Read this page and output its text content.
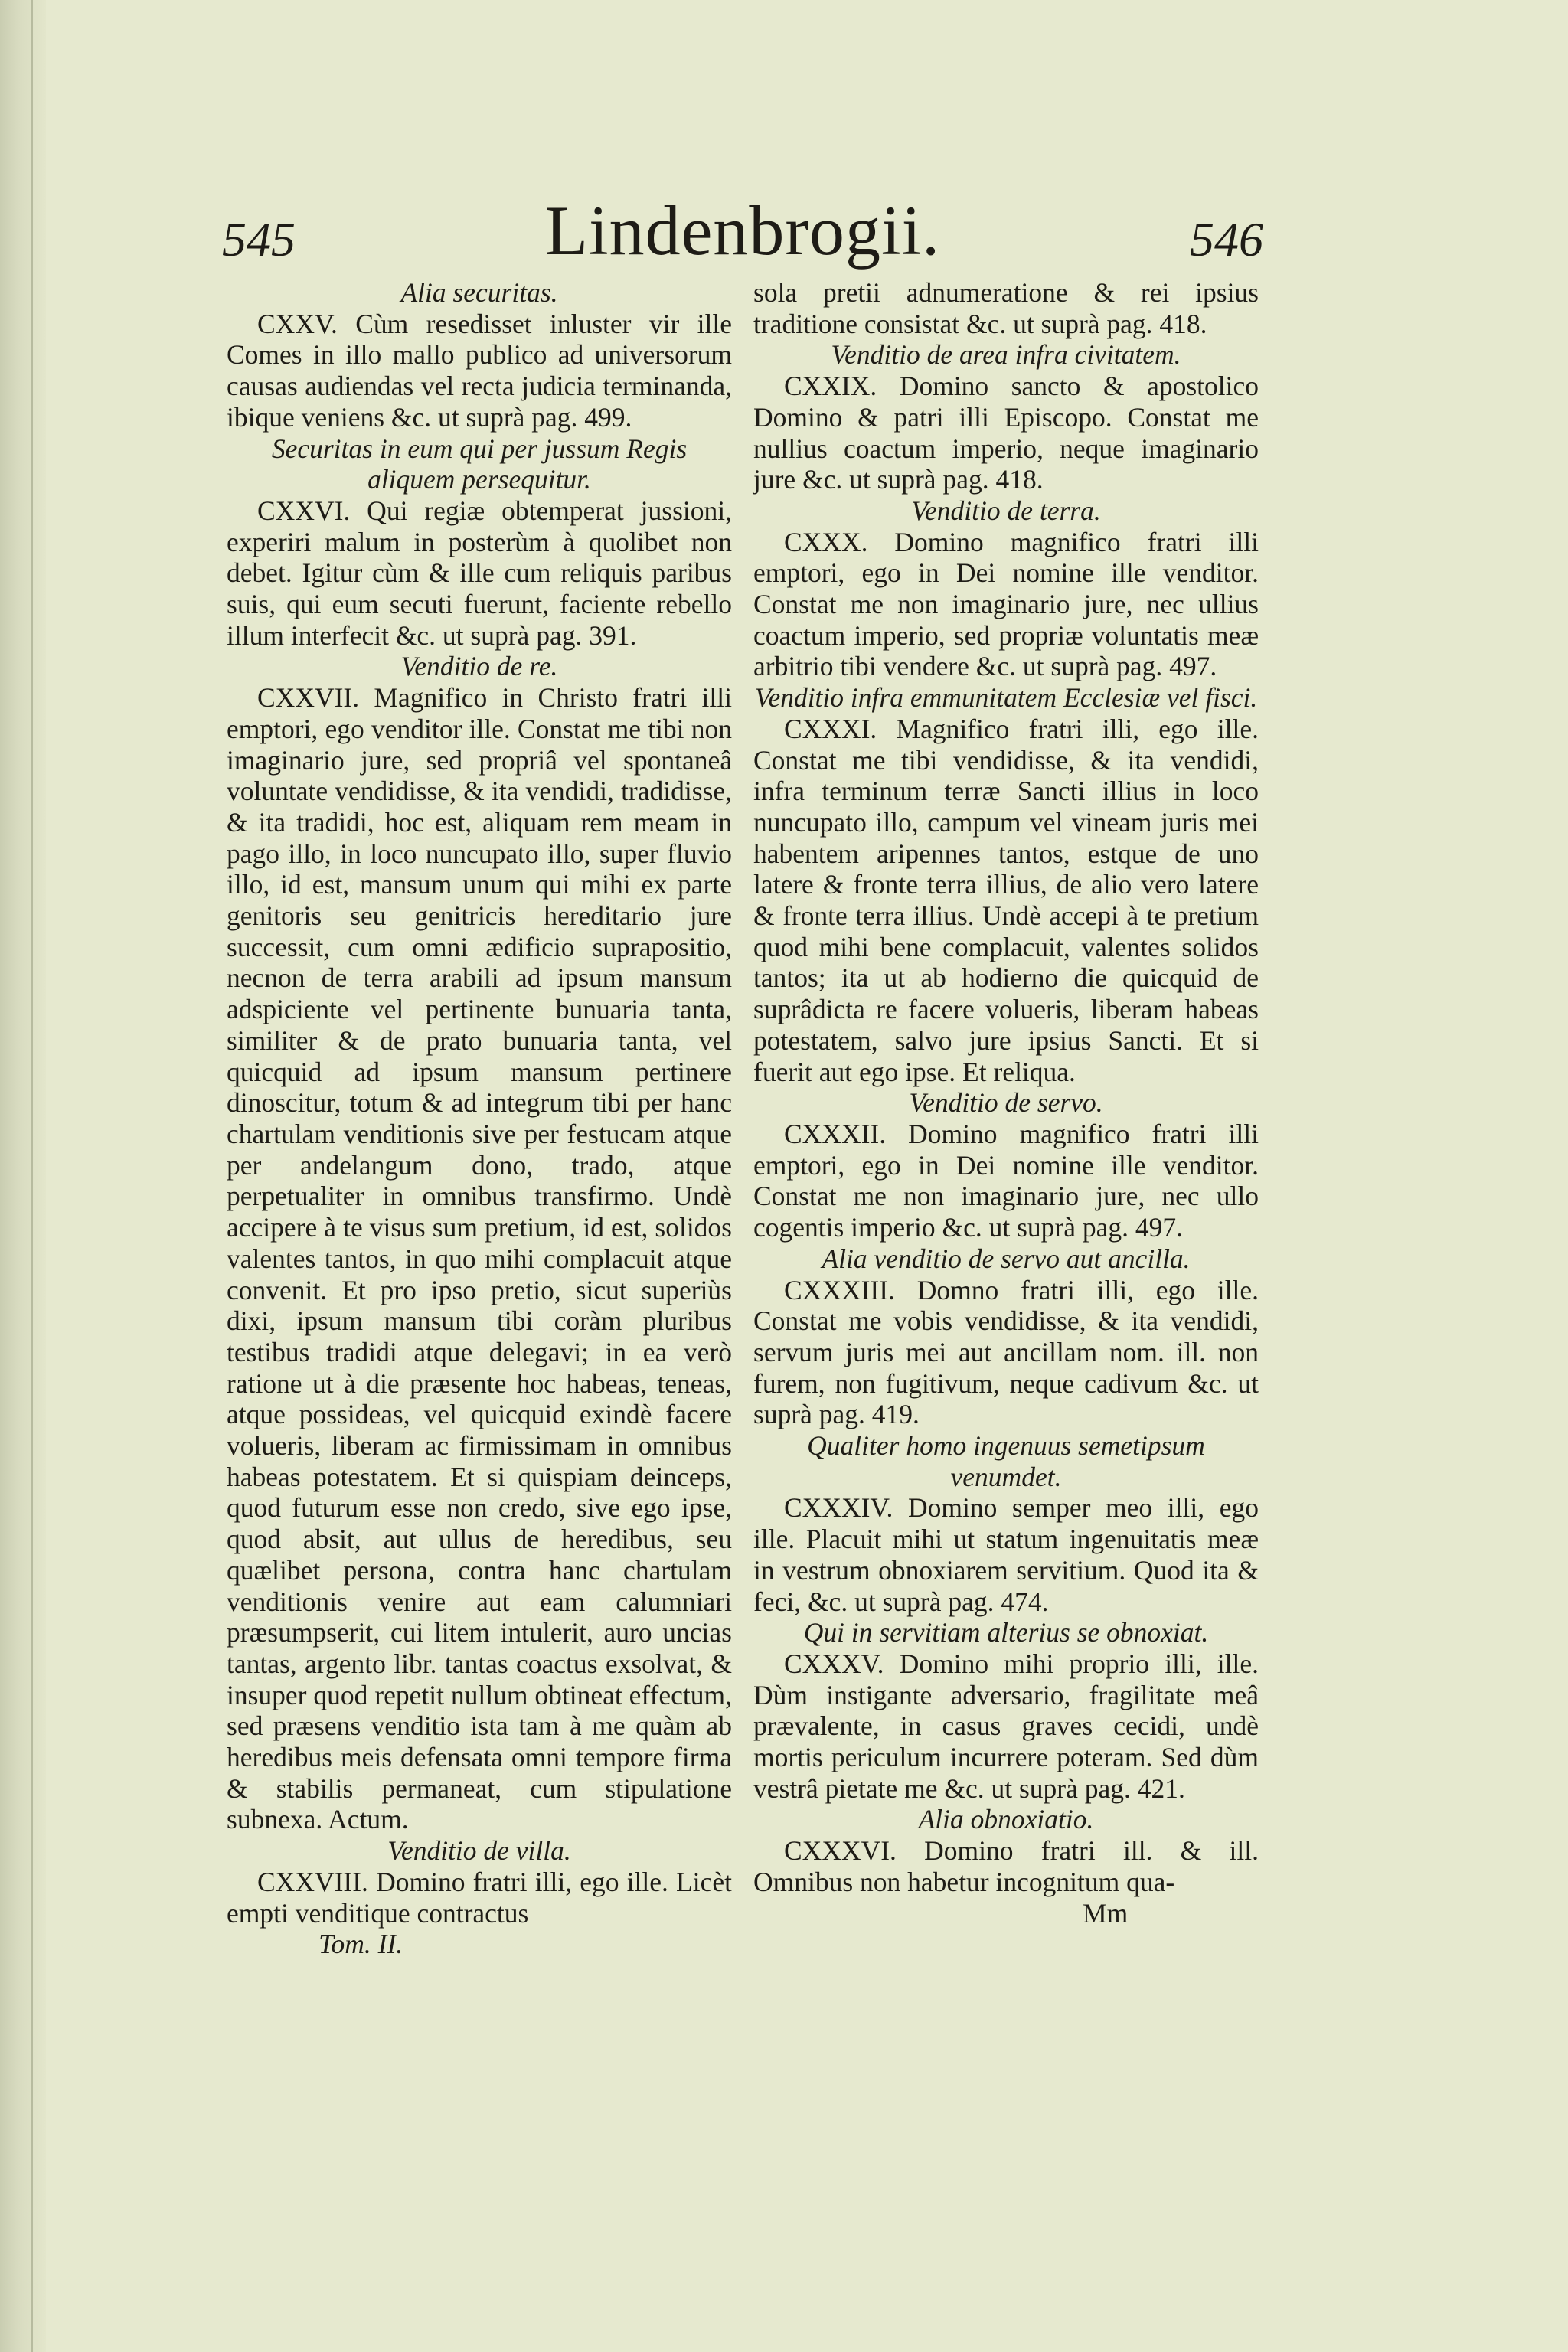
545	Lindenbrogii.	546

Alia securitas.

CXXV. Cùm resedisset inluster vir ille Comes in illo mallo publico ad universorum causas audiendas vel recta judicia terminanda, ibique veniens &c. ut suprà pag. 499.

Securitas in eum qui per jussum Regis aliquem persequitur.

CXXVI. Qui regiæ obtemperat jussioni, experiri malum in posterùm à quolibet non debet. Igitur cùm & ille cum reliquis paribus suis, qui eum secuti fuerunt, faciente rebello illum interfecit &c. ut suprà pag. 391.

Venditio de re.

CXXVII. Magnifico in Christo fratri illi emptori, ego venditor ille. Constat me tibi non imaginario jure, sed propriâ vel spontaneâ voluntate vendidisse, & ita vendidi, tradidisse, & ita tradidi, hoc est, aliquam rem meam in pago illo, in loco nuncupato illo, super fluvio illo, id est, mansum unum qui mihi ex parte genitoris seu genitricis hereditario jure successit, cum omni ædificio suprapositio, necnon de terra arabili ad ipsum mansum adspiciente vel pertinente bunuaria tanta, similiter & de prato bunuaria tanta, vel quicquid ad ipsum mansum pertinere dinoscitur, totum & ad integrum tibi per hanc chartulam venditionis sive per festucam atque per andelangum dono, trado, atque perpetualiter in omnibus transfirmo. Undè accipere à te visus sum pretium, id est, solidos valentes tantos, in quo mihi complacuit atque convenit. Et pro ipso pretio, sicut superiùs dixi, ipsum mansum tibi coràm pluribus testibus tradidi atque delegavi; in ea verò ratione ut à die præsente hoc habeas, teneas, atque possideas, vel quicquid exindè facere volueris, liberam ac firmissimam in omnibus habeas potestatem. Et si quispiam deinceps, quod futurum esse non credo, sive ego ipse, quod absit, aut ullus de heredibus, seu quælibet persona, contra hanc chartulam venditionis venire aut eam calumniari præsumpserit, cui litem intulerit, auro uncias tantas, argento libr. tantas coactus exsolvat, & insuper quod repetit nullum obtineat effectum, sed præsens venditio ista tam à me quàm ab heredibus meis defensata omni tempore firma & stabilis permaneat, cum stipulatione subnexa. Actum.

Venditio de villa.

CXXVIII. Domino fratri illi, ego ille. Licèt empti venditique contractus

Tom. II.

sola pretii adnumeratione & rei ipsius traditione consistat &c. ut suprà pag. 418.

Venditio de area infra civitatem.

CXXIX. Domino sancto & apostolico Domino & patri illi Episcopo. Constat me nullius coactum imperio, neque imaginario jure &c. ut suprà pag. 418.

Venditio de terra.

CXXX. Domino magnifico fratri illi emptori, ego in Dei nomine ille venditor. Constat me non imaginario jure, nec ullius coactum imperio, sed propriæ voluntatis meæ arbitrio tibi vendere &c. ut suprà pag. 497.

Venditio infra emmunitatem Ecclesiæ vel fisci.

CXXXI. Magnifico fratri illi, ego ille. Constat me tibi vendidisse, & ita vendidi, infra terminum terræ Sancti illius in loco nuncupato illo, campum vel vineam juris mei habentem aripennes tantos, estque de uno latere & fronte terra illius, de alio vero latere & fronte terra illius. Undè accepi à te pretium quod mihi bene complacuit, valentes solidos tantos; ita ut ab hodierno die quicquid de suprâdicta re facere volueris, liberam habeas potestatem, salvo jure ipsius Sancti. Et si fuerit aut ego ipse. Et reliqua.

Venditio de servo.

CXXXII. Domino magnifico fratri illi emptori, ego in Dei nomine ille venditor. Constat me non imaginario jure, nec ullo cogentis imperio &c. ut suprà pag. 497.

Alia venditio de servo aut ancilla.

CXXXIII. Domno fratri illi, ego ille. Constat me vobis vendidisse, & ita vendidi, servum juris mei aut ancillam nom. ill. non furem, non fugitivum, neque cadivum &c. ut suprà pag. 419.

Qualiter homo ingenuus semetipsum venumdet.

CXXXIV. Domino semper meo illi, ego ille. Placuit mihi ut statum ingenuitatis meæ in vestrum obnoxiarem servitium. Quod ita & feci, &c. ut suprà pag. 474.

Qui in servitiam alterius se obnoxiat.

CXXXV. Domino mihi proprio illi, ille. Dùm instigante adversario, fragilitate meâ prævalente, in casus graves cecidi, undè mortis periculum incurrere poteram. Sed dùm vestrâ pietate me &c. ut suprà pag. 421.

Alia obnoxiatio.

CXXXVI. Domino fratri ill. & ill. Omnibus non habetur incognitum qua-

Mm
